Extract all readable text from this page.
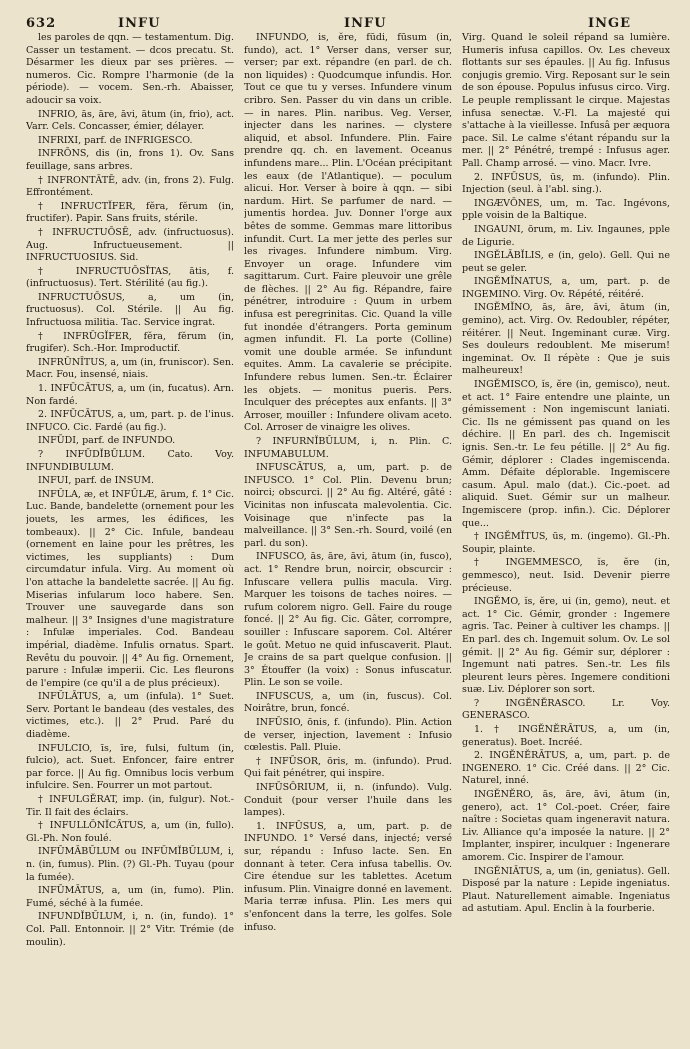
632	INFU	INFU	INGE

les paroles de qqn. — testamentum. Dig. Casser un testament. — dcos precatu. St. Désarmer les dieux par ses prières. — numeros. Cic. Rompre l'harmonie (de la période). — vocem. Sen.-rh. Abaisser, adoucir sa voix.

INFRIO, ās, āre, āvi, ātum (in, frio), act. Varr. Cels. Concasser, émier, délayer.

INFRIXI, parf. de INFRIGESCO.

INFRŌNS, dis (in, frons 1). Ov. Sans feuillage, sans arbres.

† INFRONTĀTĒ, adv. (in, frons 2). Fulg. Effrontément.

† INFRUCTĬFER, fĕra, fĕrum (in, fructifer). Papir. Sans fruits, stérile.

† INFRUCTUŌSĒ, adv. (infructuosus). Aug. Infructueusement. || INFRUCTUOSIUS. Sid.

† INFRUCTUŌSĬTAS, ātis, f. (infructuosus). Tert. Stérilité (au fig.).

INFRUCTUŌSUS, a, um (in, fructuosus). Col. Stérile. || Au fig. Infructuosa militia. Tac. Service ingrat.

† INFRŪGĬFER, fĕra, fĕrum (in, frugifer). Sch.-Hor. Improductif.

INFRŪNĪTUS, a, um (in, fruniscor). Sen. Macr. Fou, insensé, niais.

1. INFŪCĀTUS, a, um (in, fucatus). Arn. Non fardé.

2. INFŪCĀTUS, a, um, part. p. de l'inus. INFUCO. Cic. Fardé (au fig.).

INFŪDI, parf. de INFUNDO.

? INFŪDĬBŪLUM. Cato. Voy. INFUNDIBULUM.

INFUI, parf. de INSUM.

INFŬLA, æ, et INFŬLÆ, ārum, f. 1° Cic. Luc. Bande, bandelette (ornement pour les jouets, les armes, les édifices, les tombeaux). || 2° Cic. Infule, bandeau (ornement en laine pour les prêtres, les victimes, les suppliants) : Dum circumdatur infula. Virg. Au moment où l'on attache la bandelette sacrée. || Au fig. Miserias infularum loco habere. Sen. Trouver une sauvegarde dans son malheur. || 3° Insignes d'une magistrature : Infulæ imperiales. Cod. Bandeau impérial, diadème. Infulis ornatus. Spart. Revêtu du pouvoir. || 4° Au fig. Ornement, parure : Infulæ imperii. Cic. Les fleurons de l'empire (ce qu'il a de plus précieux).

INFŬLĀTUS, a, um (infula). 1° Suet. Serv. Portant le bandeau (des vestales, des victimes, etc.). || 2° Prud. Paré du diadème.

INFULCIO, īs, īre, fulsi, fultum (in, fulcio), act. Suet. Enfoncer, faire entrer par force. || Au fig. Omnibus locis verbum infulcire. Sen. Fourrer un mot partout.

† INFULGĔRAT, imp. (in, fulgur). Not.-Tir. Il fait des éclairs.

† INFULLŌNĬCĀTUS, a, um (in, fullo). Gl.-Ph. Non foulé.

INFŪMĀBŬLUM ou INFŪMĬBŬLUM, i, n. (in, fumus). Plin. (?) Gl.-Ph. Tuyau (pour la fumée).

INFŪMĀTUS, a, um (in, fumo). Plin. Fumé, séché à la fumée.

INFUNDĬBŬLUM, i, n. (in, fundo). 1° Col. Pall. Entonnoir. || 2° Vitr. Trémie (de moulin).

INFUNDO, is, ĕre, fūdi, fūsum (in, fundo), act. 1° Verser dans, verser sur, verser; par ext. répandre (en parl. de ch. non liquides) : Quodcumque infundis. Hor. Tout ce que tu y verses. Infundere vinum cribro. Sen. Passer du vin dans un crible. — in nares. Plin. naribus. Veg. Verser, injecter dans les narines. — clystere aliquid, et absol. Infundere. Plin. Faire prendre qq. ch. en lavement. Oceanus infundens mare... Plin. L'Océan précipitant les eaux (de l'Atlantique). — poculum alicui. Hor. Verser à boire à qqn. — sibi nardum. Hirt. Se parfumer de nard. — jumentis hordea. Juv. Donner l'orge aux bêtes de somme. Gemmas mare littoribus infundit. Curt. La mer jette des perles sur les rivages. Infundere nimbum. Virg. Envoyer un orage. Infundere vim sagittarum. Curt. Faire pleuvoir une grêle de flèches. || 2° Au fig. Répandre, faire pénétrer, introduire : Quum in urbem infusa est peregrinitas. Cic. Quand la ville fut inondée d'étrangers. Porta geminum agmen infundit. Fl. La porte (Colline) vomit une double armée. Se infundunt equites. Amm. La cavalerie se précipite. Infundere rebus lumen. Sen.-tr. Éclairer les objets. — monitus pueris. Pers. Inculquer des préceptes aux enfants. || 3° Arroser, mouiller : Infundere olivam aceto. Col. Arroser de vinaigre les olives.

? INFURNĬBŬLUM, i, n. Plin. C. INFUMABULUM.

INFUSCĀTUS, a, um, part. p. de INFUSCO. 1° Col. Plin. Devenu brun; noirci; obscurci. || 2° Au fig. Altéré, gâté : Vicinitas non infuscata malevolentia. Cic. Voisinage que n'infecte pas la malveillance. || 3° Sen.-rh. Sourd, voilé (en parl. du son).

INFUSCO, ās, āre, āvi, ātum (in, fusco), act. 1° Rendre brun, noircir, obscurcir : Infuscare vellera pullis macula. Virg. Marquer les toisons de taches noires. — rufum colorem nigro. Gell. Faire du rouge foncé. || 2° Au fig. Cic. Gâter, corrompre, souiller : Infuscare saporem. Col. Altérer le goût. Metuo ne quid infuscaverit. Plaut. Je crains de sa part quelque confusion. || 3° Étouffer (la voix) : Sonus infuscatur. Plin. Le son se voile.

INFUSCUS, a, um (in, fuscus). Col. Noirâtre, brun, foncé.

INFŪSIO, ōnis, f. (infundo). Plin. Action de verser, injection, lavement : Infusio cœlestis. Pall. Pluie.

† INFŪSOR, ōris, m. (infundo). Prud. Qui fait pénétrer, qui inspire.

INFŪSŌRIUM, ii, n. (infundo). Vulg. Conduit (pour verser l'huile dans les lampes).

1. INFŪSUS, a, um, part. p. de INFUNDO. 1° Versé dans, injecté; versé sur, répandu : Infuso lacte. Sen. En donnant à teter. Cera infusa tabellis. Ov. Cire étendue sur les tablettes. Acetum infusum. Plin. Vinaigre donné en lavement. Maria terræ infusa. Plin. Les mers qui s'enfoncent dans la terre, les golfes. Sole infuso.

Virg. Quand le soleil répand sa lumière. Humeris infusa capillos. Ov. Les cheveux flottants sur ses épaules. || Au fig. Infusus conjugis gremio. Virg. Reposant sur le sein de son épouse. Populus infusus circo. Virg. Le peuple remplissant le cirque. Majestas infusa senectæ. V.-Fl. La majesté qui s'attache à la vieillesse. Infusâ per æquora pace. Sil. Le calme s'étant répandu sur la mer. || 2° Pénétré, trempé : Infusus ager. Pall. Champ arrosé. — vino. Macr. Ivre.

2. INFŪSUS, ūs, m. (infundo). Plin. Injection (seul. à l'abl. sing.).

INGÆVŌNES, um, m. Tac. Ingévons, pple voisin de la Baltique.

INGAUNI, ōrum, m. Liv. Ingaunes, pple de Ligurie.

INGĔLĀBĬLIS, e (in, gelo). Gell. Qui ne peut se geler.

INGĔMĬNATUS, a, um, part. p. de INGEMINO. Virg. Ov. Répété, réitéré.

INGĔMĬNO, ās, āre, āvi, ātum (in, gemino), act. Virg. Ov. Redoubler, répéter, réitérer. || Neut. Ingeminant curæ. Virg. Ses douleurs redoublent. Me miserum! ingeminat. Ov. Il répète : Que je suis malheureux!

INGĔMISCO, ĭs, ĕre (in, gemisco), neut. et act. 1° Faire entendre une plainte, un gémissement : Non ingemiscunt laniati. Cic. Ils ne gémissent pas quand on les déchire. || En parl. des ch. Ingemiscit ignis. Sen.-tr. Le feu pétille. || 2° Au fig. Gémir, déplorer : Clades ingemiscenda. Amm. Défaite déplorable. Ingemiscere casum. Apul. malo (dat.). Cic.-poet. ad aliquid. Suet. Gémir sur un malheur. Ingemiscere (prop. infin.). Cic. Déplorer que...

† INGĔMĬTUS, ūs, m. (ingemo). Gl.-Ph. Soupir, plainte.

† INGEMMESCO, ĭs, ĕre (in, gemmesco), neut. Isid. Devenir pierre précieuse.

INGĔMO, ĭs, ĕre, ui (in, gemo), neut. et act. 1° Cic. Gémir, gronder : Ingemere agris. Tac. Peiner à cultiver les champs. || En parl. des ch. Ingemuit solum. Ov. Le sol gémit. || 2° Au fig. Gémir sur, déplorer : Ingemunt nati patres. Sen.-tr. Les fils pleurent leurs pères. Ingemere conditioni suæ. Liv. Déplorer son sort.

? INGĔNĔRASCO. Lr. Voy. GENERASCO.

1. † INGĔNĔRĀTUS, a, um (in, generatus). Boet. Incréé.

2. INGĔNĔRĀTUS, a, um, part. p. de INGENERO. 1° Cic. Créé dans. || 2° Cic. Naturel, inné.

INGĔNĔRO, ās, āre, āvi, ātum (in, genero), act. 1° Col.-poet. Créer, faire naître : Societas quam ingeneravit natura. Liv. Alliance qu'a imposée la nature. || 2° Implanter, inspirer, inculquer : Ingenerare amorem. Cic. Inspirer de l'amour.

INGĔNIĀTUS, a, um (in, geniatus). Gell. Disposé par la nature : Lepide ingeniatus. Plaut. Naturellement aimable. Ingeniatus ad astutiam. Apul. Enclin à la fourberie.
